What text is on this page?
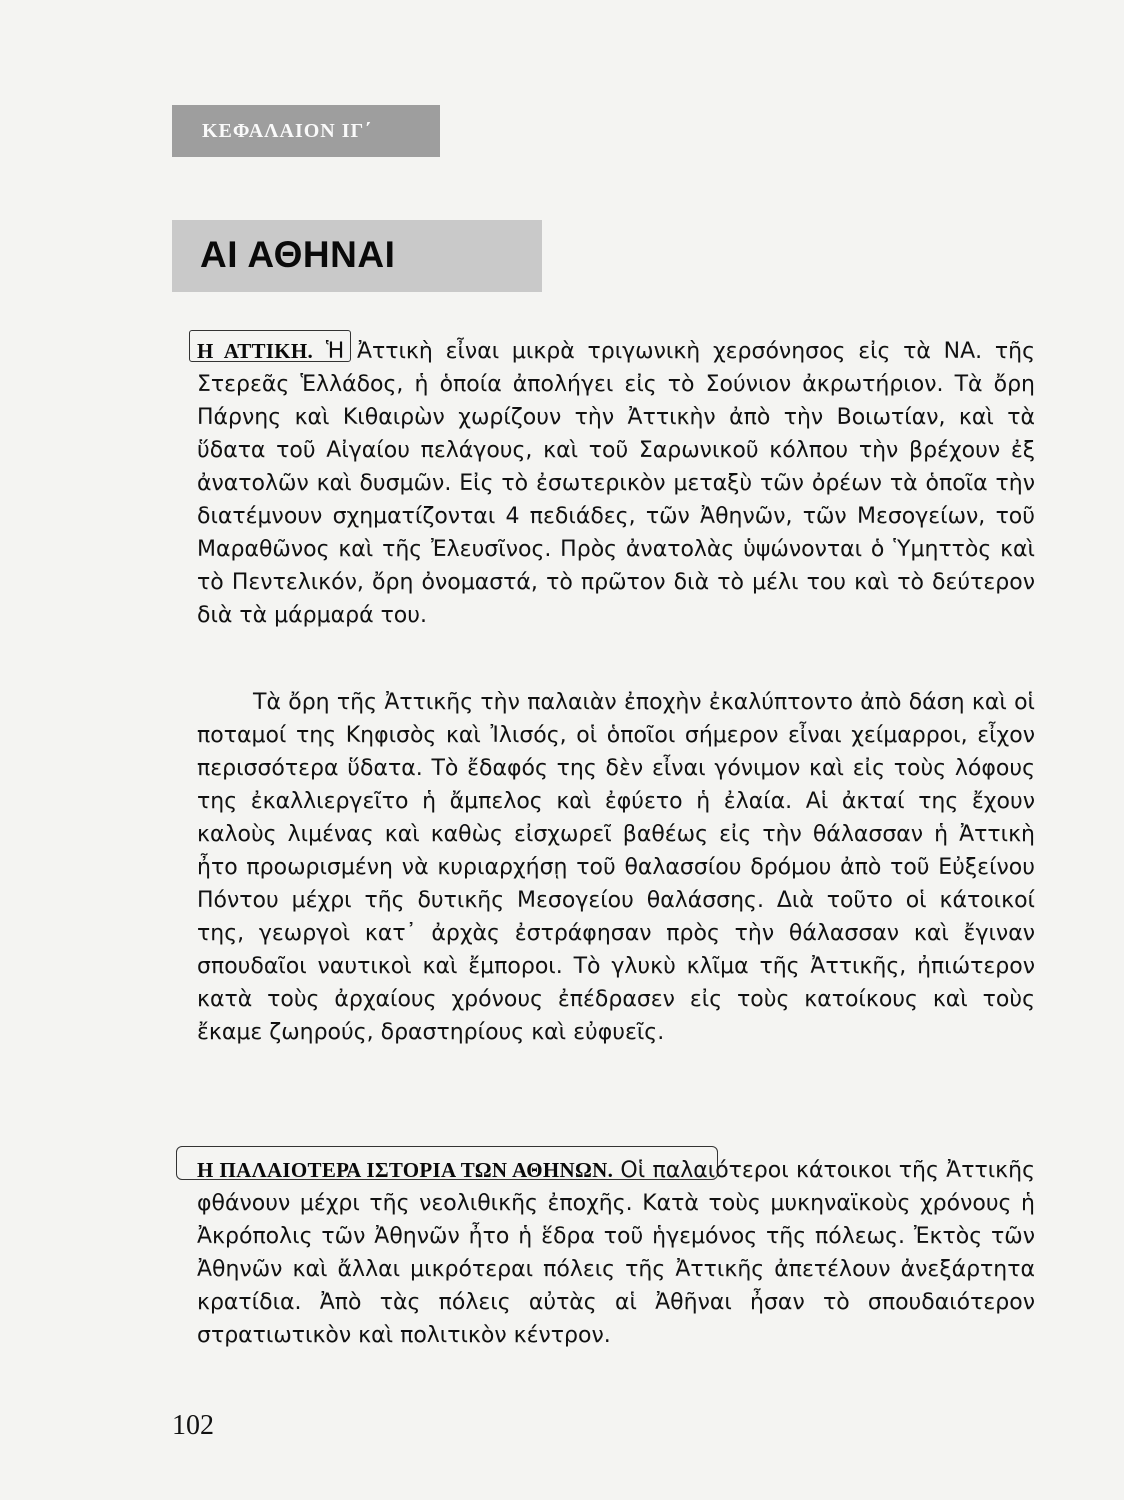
ΚΕΦΑΛΑΙΟΝ ΙΓ΄
ΑΙ ΑΘΗΝΑΙ

Η ΑΤΤΙΚΗ. Ἡ Ἀττικὴ εἶναι μικρὰ τριγωνικὴ χερσόνησος εἰς τὰ ΝΑ. τῆς Στερεᾶς Ἑλλάδος, ἡ ὁποία ἀπολήγει εἰς τὸ Σούνιον ἀκρωτήριον. Τὰ ὄρη Πάρνης καὶ Κιθαιρὼν χωρίζουν τὴν Ἀττικὴν ἀπὸ τὴν Βοιωτίαν, καὶ τὰ ὕδατα τοῦ Αἰγαίου πελάγους, καὶ τοῦ Σαρωνικοῦ κόλπου τὴν βρέχουν ἐξ ἀνατολῶν καὶ δυσμῶν. Εἰς τὸ ἐσωτερικὸν μεταξὺ τῶν ὀρέων τὰ ὁποῖα τὴν διατέμνουν σχηματίζονται 4 πεδιάδες, τῶν Ἀθηνῶν, τῶν Μεσογείων, τοῦ Μαραθῶνος καὶ τῆς Ἐλευσῖνος. Πρὸς ἀνατολὰς ὑψώνονται ὁ Ὑμηττὸς καὶ τὸ Πεντελικόν, ὄρη ὀνομαστά, τὸ πρῶτον διὰ τὸ μέλι του καὶ τὸ δεύτερον διὰ τὰ μάρμαρά του.

Τὰ ὄρη τῆς Ἀττικῆς τὴν παλαιὰν ἐποχὴν ἐκαλύπτοντο ἀπὸ δάση καὶ οἱ ποταμοί της Κηφισὸς καὶ Ἰλισός, οἱ ὁποῖοι σήμερον εἶναι χείμαρροι, εἶχον περισσότερα ὕδατα. Τὸ ἔδαφός της δὲν εἶναι γόνιμον καὶ εἰς τοὺς λόφους της ἐκαλλιεργεῖτο ἡ ἄμπελος καὶ ἐφύετο ἡ ἐλαία. Αἱ ἀκταί της ἔχουν καλοὺς λιμένας καὶ καθὼς εἰσχωρεῖ βαθέως εἰς τὴν θάλασσαν ἡ Ἀττικὴ ἦτο προωρισμένη νὰ κυριαρχήσῃ τοῦ θαλασσίου δρόμου ἀπὸ τοῦ Εὐξείνου Πόντου μέχρι τῆς δυτικῆς Μεσογείου θαλάσσης. Διὰ τοῦτο οἱ κάτοικοί της, γεωργοὶ κατ᾽ ἀρχὰς ἐστράφησαν πρὸς τὴν θάλασσαν καὶ ἔγιναν σπουδαῖοι ναυτικοὶ καὶ ἔμποροι. Τὸ γλυκὺ κλῖμα τῆς Ἀττικῆς, ἠπιώτερον κατὰ τοὺς ἀρχαίους χρόνους ἐπέδρασεν εἰς τοὺς κατοίκους καὶ τοὺς ἔκαμε ζωηρούς, δραστηρίους καὶ εὐφυεῖς.

Η ΠΑΛΑΙΟΤΕΡΑ ΙΣΤΟΡΙΑ ΤΩΝ ΑΘΗΝΩΝ. Οἱ παλαιότεροι κάτοικοι τῆς Ἀττικῆς φθάνουν μέχρι τῆς νεολιθικῆς ἐποχῆς. Κατὰ τοὺς μυκηναϊκοὺς χρόνους ἡ Ἀκρόπολις τῶν Ἀθηνῶν ἦτο ἡ ἕδρα τοῦ ἡγεμόνος τῆς πόλεως. Ἐκτὸς τῶν Ἀθηνῶν καὶ ἄλλαι μικρότεραι πόλεις τῆς Ἀττικῆς ἀπετέλουν ἀνεξάρτητα κρατίδια. Ἀπὸ τὰς πόλεις αὐτὰς αἱ Ἀθῆναι ἦσαν τὸ σπουδαιότερον στρατιωτικὸν καὶ πολιτικὸν κέντρον.

102
